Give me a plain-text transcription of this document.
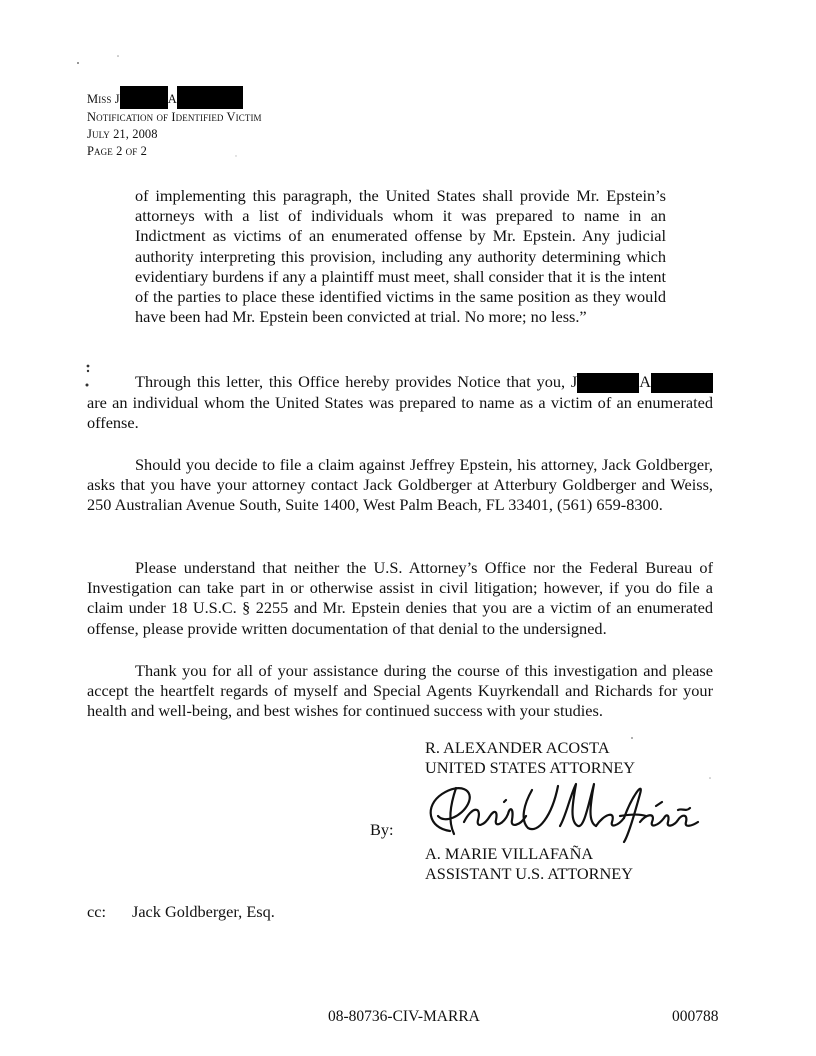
Miss J	A
Notification of Identified Victim
July 21, 2008
Page 2 of 2
of implementing this paragraph, the United States shall provide Mr. Epstein’s attorneys with a list of individuals whom it was prepared to name in an Indictment as victims of an enumerated offense by Mr. Epstein. Any judicial authority interpreting this provision, including any authority determining which evidentiary burdens if any a plaintiff must meet, shall consider that it is the intent of the parties to place these identified victims in the same position as they would have been had Mr. Epstein been convicted at trial. No more; no less.”
Through this letter, this Office hereby provides Notice that you, J	A are an individual whom the United States was prepared to name as a victim of an enumerated offense.
Should you decide to file a claim against Jeffrey Epstein, his attorney, Jack Goldberger, asks that you have your attorney contact Jack Goldberger at Atterbury Goldberger and Weiss, 250 Australian Avenue South, Suite 1400, West Palm Beach, FL 33401, (561) 659-8300.
Please understand that neither the U.S. Attorney’s Office nor the Federal Bureau of Investigation can take part in or otherwise assist in civil litigation; however, if you do file a claim under 18 U.S.C. § 2255 and Mr. Epstein denies that you are a victim of an enumerated offense, please provide written documentation of that denial to the undersigned.
Thank you for all of your assistance during the course of this investigation and please accept the heartfelt regards of myself and Special Agents Kuyrkendall and Richards for your health and well-being, and best wishes for continued success with your studies.
R. ALEXANDER ACOSTA
UNITED STATES ATTORNEY
By:
A. MARIE VILLAFAÑA
ASSISTANT U.S. ATTORNEY
cc: Jack Goldberger, Esq.
08-80736-CIV-MARRA	000788
